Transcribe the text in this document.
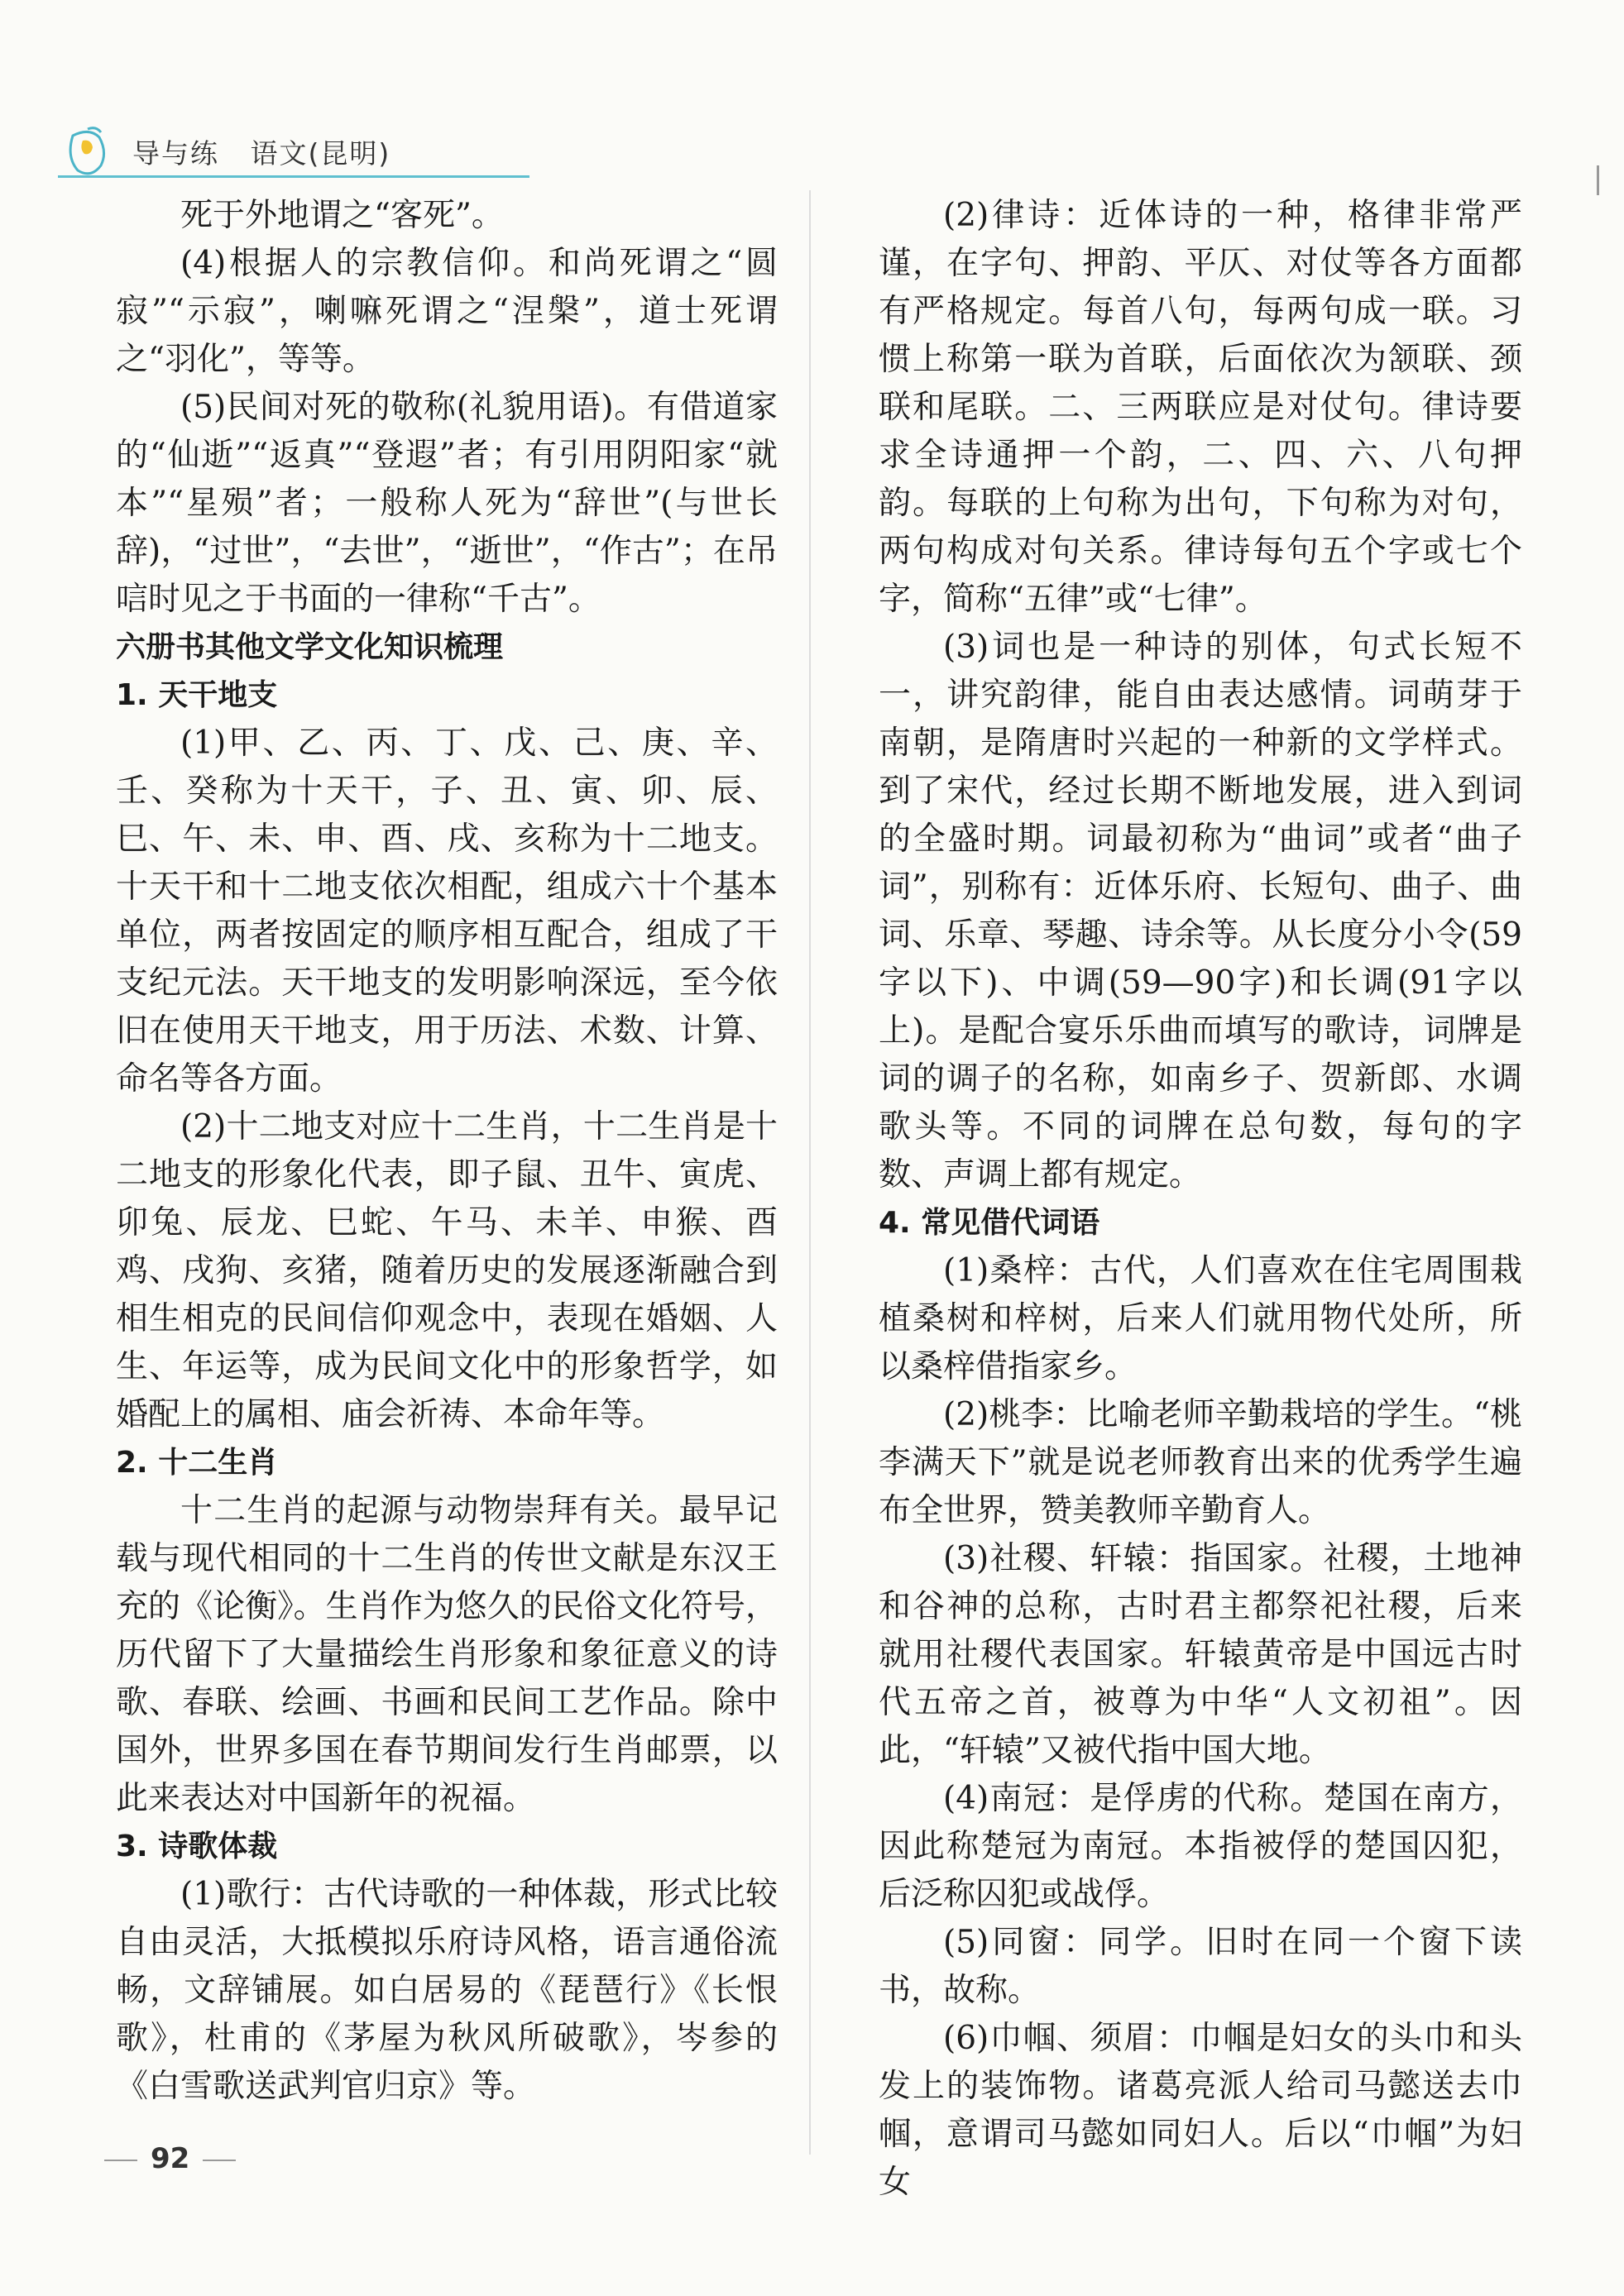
导与练 语文(昆明)

死于外地谓之“客死”。

(4)根据人的宗教信仰。和尚死谓之“圆寂”“示寂”，喇嘛死谓之“涅槃”，道士死谓之“羽化”，等等。

(5)民间对死的敬称(礼貌用语)。有借道家的“仙逝”“返真”“登遐”者；有引用阴阳家“就本”“星殒”者；一般称人死为“辞世”(与世长辞)，“过世”，“去世”，“逝世”，“作古”；在吊唁时见之于书面的一律称“千古”。

六册书其他文学文化知识梳理

1. 天干地支

(1)甲、乙、丙、丁、戊、己、庚、辛、壬、癸称为十天干，子、丑、寅、卯、辰、巳、午、未、申、酉、戌、亥称为十二地支。十天干和十二地支依次相配，组成六十个基本单位，两者按固定的顺序相互配合，组成了干支纪元法。天干地支的发明影响深远，至今依旧在使用天干地支，用于历法、术数、计算、命名等各方面。

(2)十二地支对应十二生肖，十二生肖是十二地支的形象化代表，即子鼠、丑牛、寅虎、卯兔、辰龙、巳蛇、午马、未羊、申猴、酉鸡、戌狗、亥猪，随着历史的发展逐渐融合到相生相克的民间信仰观念中，表现在婚姻、人生、年运等，成为民间文化中的形象哲学，如婚配上的属相、庙会祈祷、本命年等。

2. 十二生肖

十二生肖的起源与动物崇拜有关。最早记载与现代相同的十二生肖的传世文献是东汉王充的《论衡》。生肖作为悠久的民俗文化符号，历代留下了大量描绘生肖形象和象征意义的诗歌、春联、绘画、书画和民间工艺作品。除中国外，世界多国在春节期间发行生肖邮票，以此来表达对中国新年的祝福。

3. 诗歌体裁

(1)歌行：古代诗歌的一种体裁，形式比较自由灵活，大抵模拟乐府诗风格，语言通俗流畅，文辞铺展。如白居易的《琵琶行》《长恨歌》，杜甫的《茅屋为秋风所破歌》，岑参的《白雪歌送武判官归京》等。

(2)律诗：近体诗的一种，格律非常严谨，在字句、押韵、平仄、对仗等各方面都有严格规定。每首八句，每两句成一联。习惯上称第一联为首联，后面依次为颔联、颈联和尾联。二、三两联应是对仗句。律诗要求全诗通押一个韵，二、四、六、八句押韵。每联的上句称为出句，下句称为对句，两句构成对句关系。律诗每句五个字或七个字，简称“五律”或“七律”。

(3)词也是一种诗的别体，句式长短不一，讲究韵律，能自由表达感情。词萌芽于南朝，是隋唐时兴起的一种新的文学样式。到了宋代，经过长期不断地发展，进入到词的全盛时期。词最初称为“曲词”或者“曲子词”，别称有：近体乐府、长短句、曲子、曲词、乐章、琴趣、诗余等。从长度分小令(59字以下)、中调(59—90字)和长调(91字以上)。是配合宴乐乐曲而填写的歌诗，词牌是词的调子的名称，如南乡子、贺新郎、水调歌头等。不同的词牌在总句数，每句的字数、声调上都有规定。

4. 常见借代词语

(1)桑梓：古代，人们喜欢在住宅周围栽植桑树和梓树，后来人们就用物代处所，所以桑梓借指家乡。

(2)桃李：比喻老师辛勤栽培的学生。“桃李满天下”就是说老师教育出来的优秀学生遍布全世界，赞美教师辛勤育人。

(3)社稷、轩辕：指国家。社稷，土地神和谷神的总称，古时君主都祭祀社稷，后来就用社稷代表国家。轩辕黄帝是中国远古时代五帝之首，被尊为中华“人文初祖”。因此，“轩辕”又被代指中国大地。

(4)南冠：是俘虏的代称。楚国在南方，因此称楚冠为南冠。本指被俘的楚国囚犯，后泛称囚犯或战俘。

(5)同窗：同学。旧时在同一个窗下读书，故称。

(6)巾帼、须眉：巾帼是妇女的头巾和头发上的装饰物。诸葛亮派人给司马懿送去巾帼，意谓司马懿如同妇人。后以“巾帼”为妇女

92
